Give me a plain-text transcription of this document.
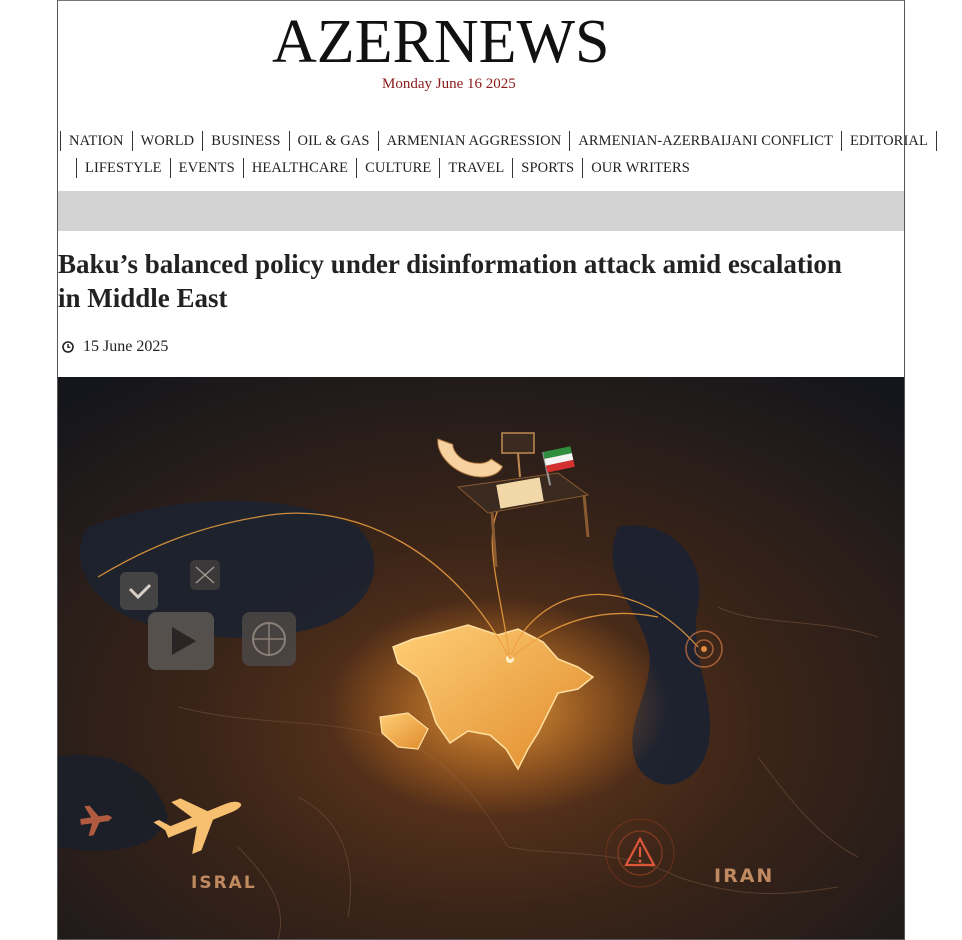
AZERNEWS
Monday June 16 2025
NATION	WORLD	BUSINESS	OIL & GAS	ARMENIAN AGGRESSION	ARMENIAN-AZERBAIJANI CONFLICT	EDITORIAL
LIFESTYLE	EVENTS	HEALTHCARE	CULTURE	TRAVEL	SPORTS	OUR WRITERS
Baku’s balanced policy under disinformation attack amid escalation in Middle East
15 June 2025
ISRAL	IRAN
